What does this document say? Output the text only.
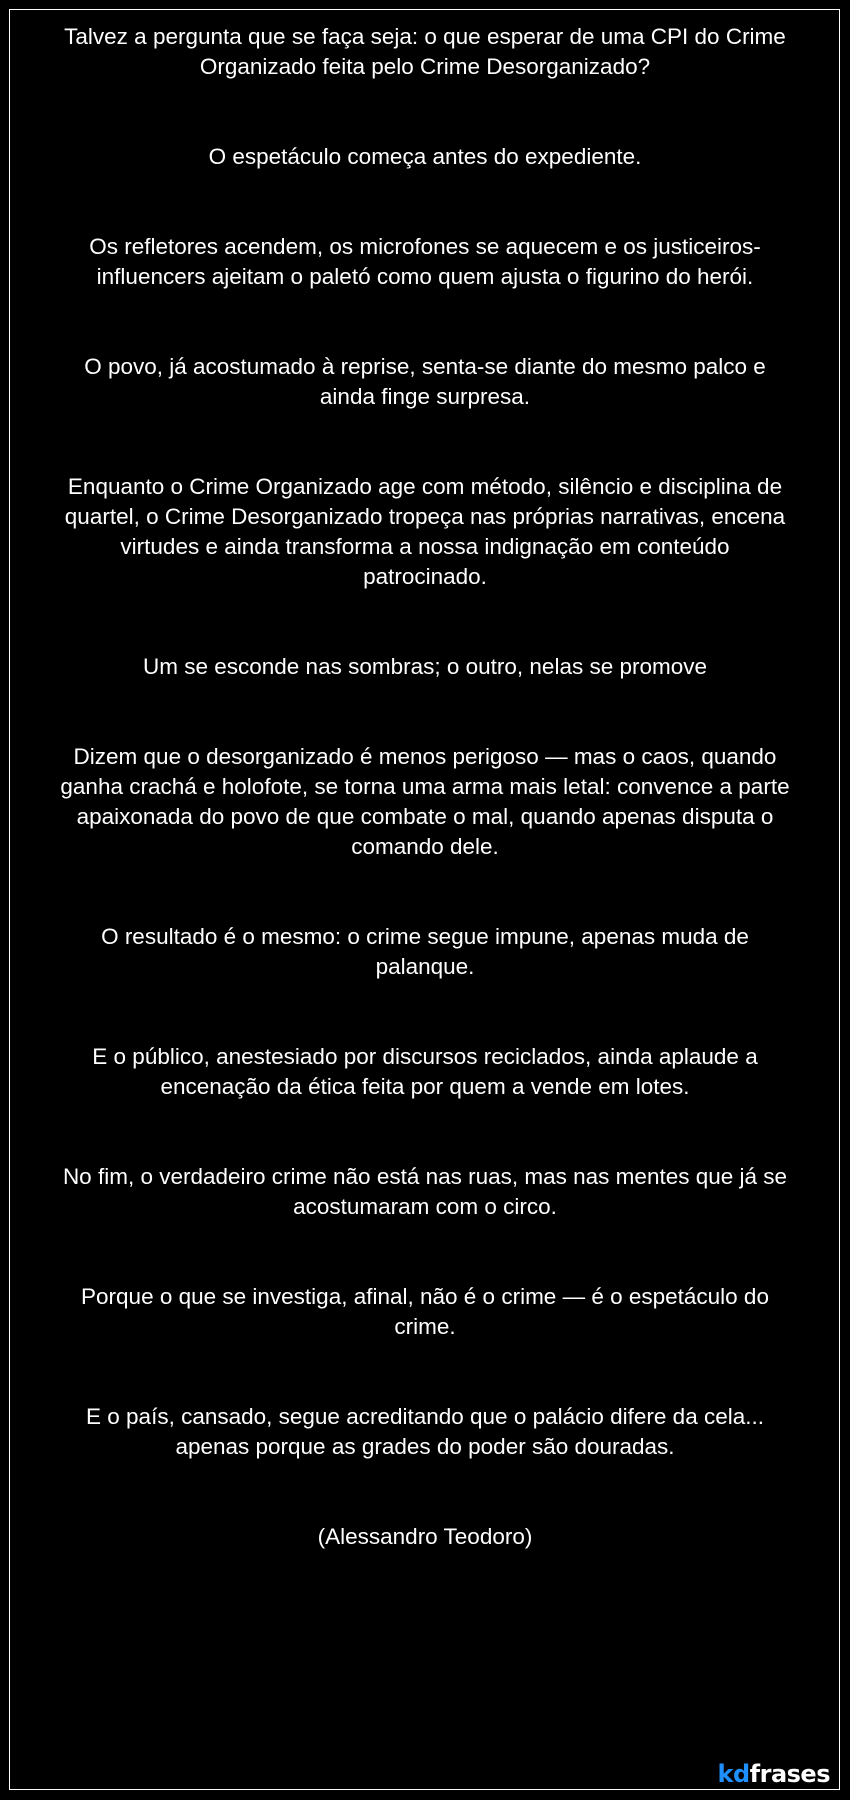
Talvez a pergunta que se faça seja: o que esperar de uma CPI do Crime Organizado feita pelo Crime Desorganizado?

O espetáculo começa antes do expediente.

Os refletores acendem, os microfones se aquecem e os justiceiros-influencers ajeitam o paletó como quem ajusta o figurino do herói.

O povo, já acostumado à reprise, senta-se diante do mesmo palco e ainda finge surpresa.

Enquanto o Crime Organizado age com método, silêncio e disciplina de quartel, o Crime Desorganizado tropeça nas próprias narrativas, encena virtudes e ainda transforma a nossa indignação em conteúdo patrocinado.

Um se esconde nas sombras; o outro, nelas se promove

Dizem que o desorganizado é menos perigoso — mas o caos, quando ganha crachá e holofote, se torna uma arma mais letal: convence a parte apaixonada do povo de que combate o mal, quando apenas disputa o comando dele.

O resultado é o mesmo: o crime segue impune, apenas muda de palanque.

E o público, anestesiado por discursos reciclados, ainda aplaude a encenação da ética feita por quem a vende em lotes.

No fim, o verdadeiro crime não está nas ruas, mas nas mentes que já se acostumaram com o circo.

Porque o que se investiga, afinal, não é o crime — é o espetáculo do crime.

E o país, cansado, segue acreditando que o palácio difere da cela... apenas porque as grades do poder são douradas.

(Alessandro Teodoro)

kdfrases
